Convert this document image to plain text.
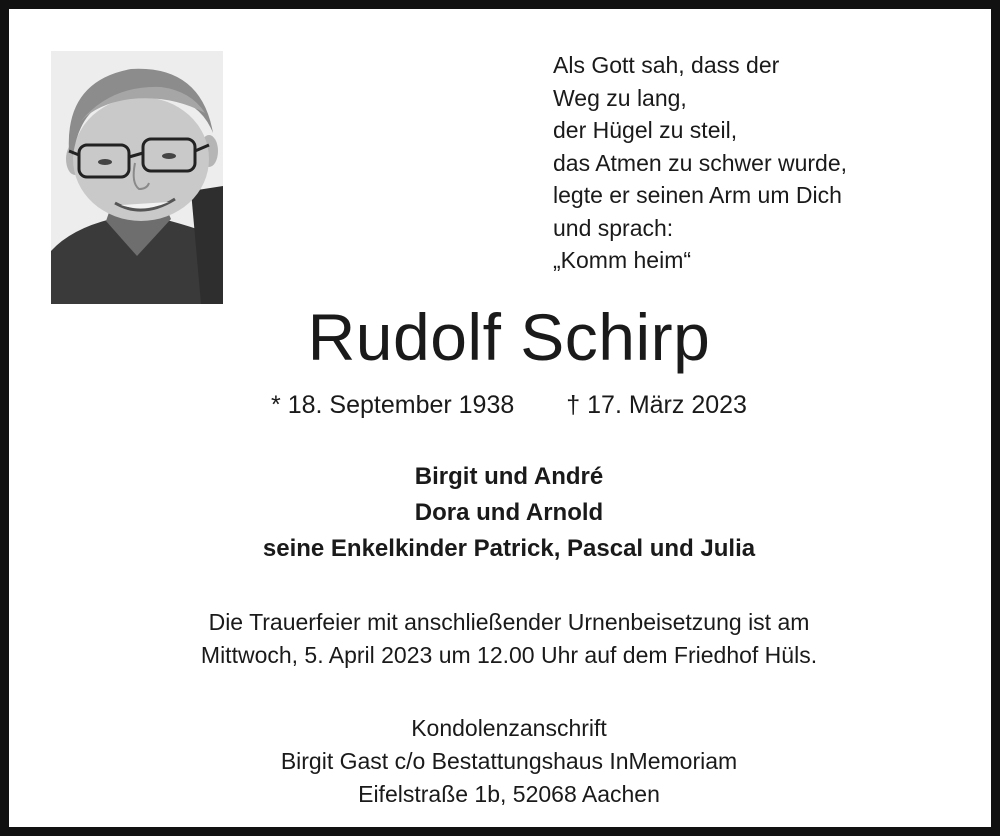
Als Gott sah, dass der
Weg zu lang,
der Hügel zu steil,
das Atmen zu schwer wurde,
legte er seinen Arm um Dich
und sprach:
„Komm heim“
Rudolf Schirp
* 18. September 1938 † 17. März 2023
Birgit und André
Dora und Arnold
seine Enkelkinder Patrick, Pascal und Julia
Die Trauerfeier mit anschließender Urnenbeisetzung ist am
Mittwoch, 5. April 2023 um 12.00 Uhr auf dem Friedhof Hüls.
Kondolenzanschrift
Birgit Gast c/o Bestattungshaus InMemoriam
Eifelstraße 1b, 52068 Aachen
